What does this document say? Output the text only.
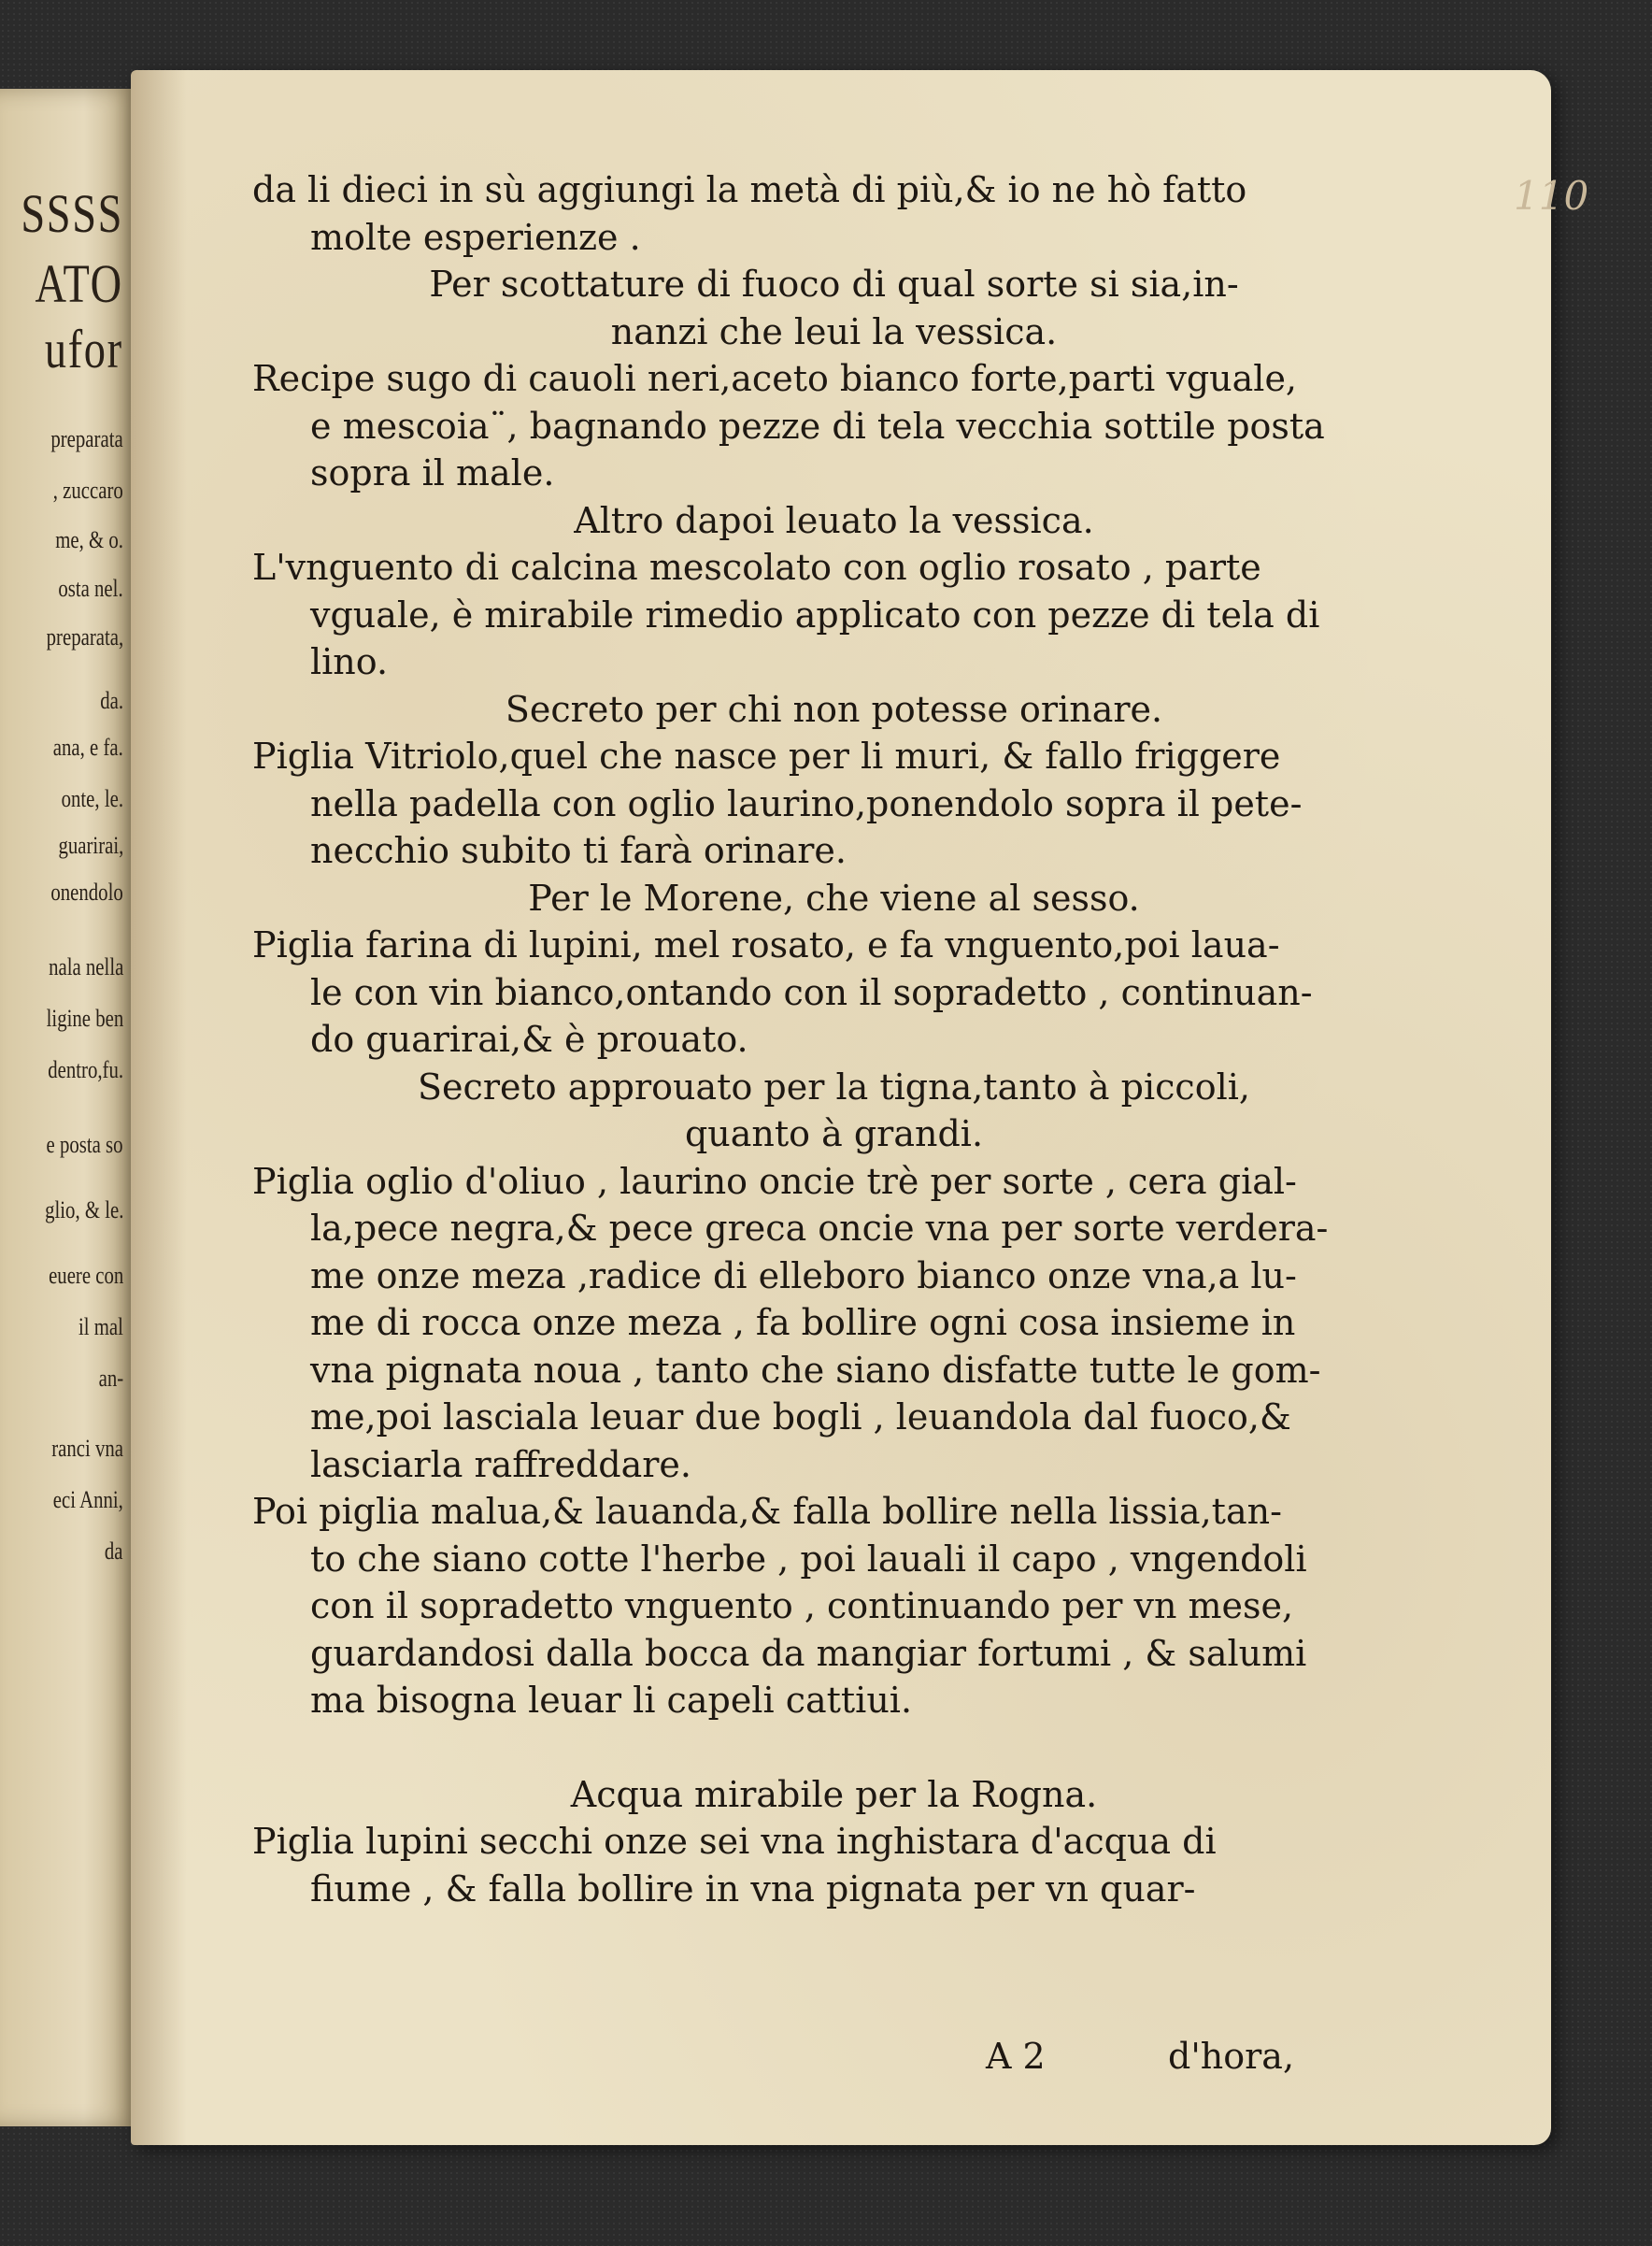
SSSS
ATO
ufor
preparata
, zuccaro
me, & o.
osta nel.
preparata,
da.
ana, e fa.
onte, le.
guarirai,
onendolo
nala nella
ligine ben
dentro,fu.
e posta so
glio, & le.
euere con
il mal
an-
ranci vna
eci Anni,
da
110
da li dieci in sù aggiungi la metà di più,& io ne hò fatto
molte esperienze .
Per scottature di fuoco di qual sorte si sia,in-
nanzi che leui la vessica.
Recipe sugo di cauoli neri,aceto bianco forte,parti vguale,
e mescoia¨, bagnando pezze di tela vecchia sottile posta
sopra il male.
Altro dapoi leuato la vessica.
L'vnguento di calcina mescolato con oglio rosato , parte
vguale, è mirabile rimedio applicato con pezze di tela di
lino.
Secreto per chi non potesse orinare.
Piglia Vitriolo,quel che nasce per li muri, & fallo friggere
nella padella con oglio laurino,ponendolo sopra il pete-
necchio subito ti farà orinare.
Per le Morene, che viene al sesso.
Piglia farina di lupini, mel rosato, e fa vnguento,poi laua-
le con vin bianco,ontando con il sopradetto , continuan-
do guarirai,& è prouato.
Secreto approuato per la tigna,tanto à piccoli,
quanto à grandi.
Piglia oglio d'oliuo , laurino oncie trè per sorte , cera gial-
la,pece negra,& pece greca oncie vna per sorte verdera-
me onze meza ,radice di elleboro bianco onze vna,a lu-
me di rocca onze meza , fa bollire ogni cosa insieme in
vna pignata noua , tanto che siano disfatte tutte le gom-
me,poi lasciala leuar due bogli , leuandola dal fuoco,&
lasciarla raffreddare.
Poi piglia malua,& lauanda,& falla bollire nella lissia,tan-
to che siano cotte l'herbe , poi lauali il capo , vngendoli
con il sopradetto vnguento , continuando per vn mese,
guardandosi dalla bocca da mangiar fortumi , & salumi
ma bisogna leuar li capeli cattiui.
Acqua mirabile per la Rogna.
Piglia lupini secchi onze sei vna inghistara d'acqua di
fiume , & falla bollire in vna pignata per vn quar-
A 2	d'hora,
